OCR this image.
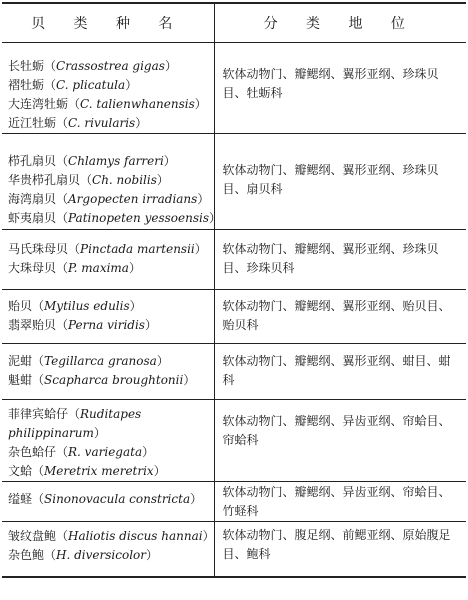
贝 类 种 名	分 类 地 位

长牡蛎（Crassostrea gigas）
褶牡蛎（C. plicatula）
大连湾牡蛎（C. talienwhanensis）
近江牡蛎（C. rivularis）	软体动物门、瓣鳃纲、翼形亚纲、珍珠贝目、牡蛎科

栉孔扇贝（Chlamys farreri）
华贵栉孔扇贝（Ch. nobilis）
海湾扇贝（Argopecten irradians）
虾夷扇贝（Patinopeten yessoensis）	软体动物门、瓣鳃纲、翼形亚纲、珍珠贝目、扇贝科

马氏珠母贝（Pinctada martensii）
大珠母贝（P. maxima）	软体动物门、瓣鳃纲、翼形亚纲、珍珠贝目、珍珠贝科

贻贝（Mytilus edulis）
翡翠贻贝（Perna viridis）	软体动物门、瓣鳃纲、翼形亚纲、贻贝目、贻贝科

泥蚶（Tegillarca granosa）
魁蚶（Scapharca broughtonii）	软体动物门、瓣鳃纲、翼形亚纲、蚶目、蚶科

菲律宾蛤仔（Ruditapes philippinarum）
杂色蛤仔（R. variegata）
文蛤（Meretrix meretrix）	软体动物门、瓣鳃纲、异齿亚纲、帘蛤目、帘蛤科

缢蛏（Sinonovacula constricta）	软体动物门、瓣鳃纲、异齿亚纲、帘蛤目、竹蛏科

皱纹盘鲍（Haliotis discus hannai）
杂色鲍（H. diversicolor）	软体动物门、腹足纲、前鳃亚纲、原始腹足目、鲍科
